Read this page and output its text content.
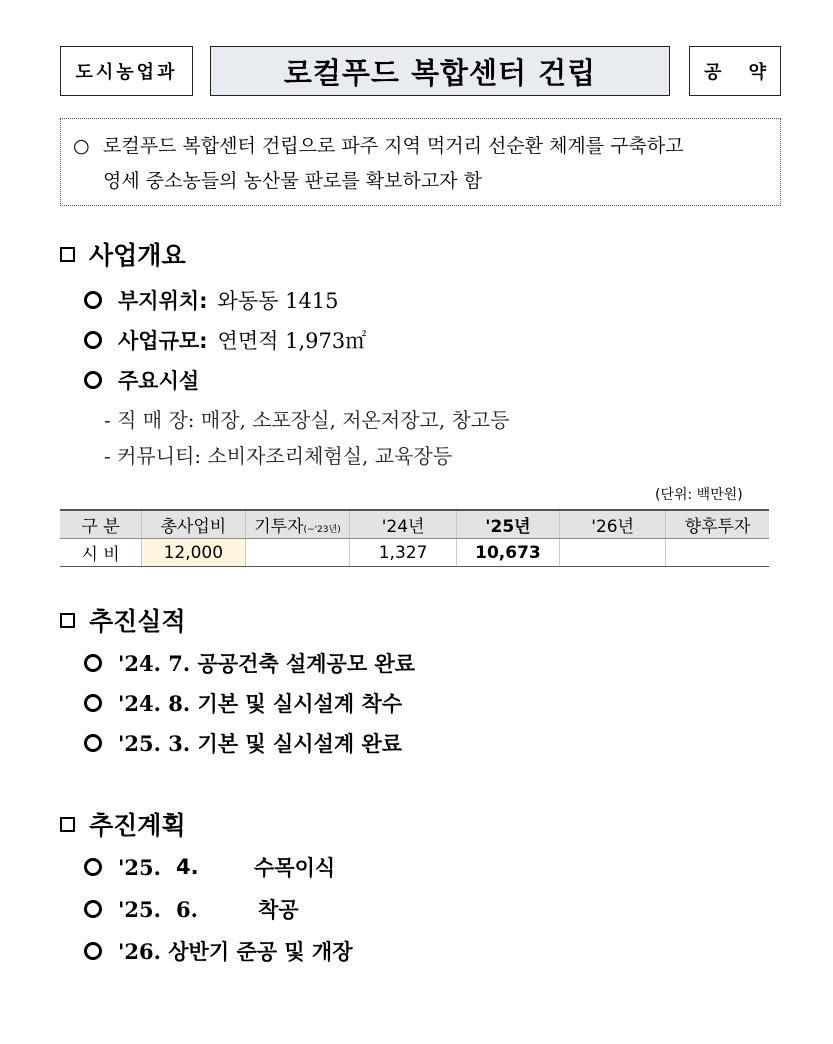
도시농업과	로컬푸드 복합센터 건립	공 약
○ 로컬푸드 복합센터 건립으로 파주 지역 먹거리 선순환 체계를 구축하고
영세 중소농들의 농산물 판로를 확보하고자 함
사업개요
부지위치: 와동동 1415
사업규모: 연면적 1,973㎡
주요시설
- 직 매 장: 매장, 소포장실, 저온저장고, 창고등
- 커뮤니티: 소비자조리체험실, 교육장등
(단위: 백만원)
구 분	총사업비	기투자(~'23년)	'24년	'25년	'26년	향후투자
시 비	12,000		1,327	10,673		
추진실적
'24. 7. 공공건축 설계공모 완료
'24. 8. 기본 및 실시설계 착수
'25. 3. 기본 및 실시설계 완료
추진계획
'25. 4.	수목이식
'25. 6.	착공
'26. 상반기 준공 및 개장
